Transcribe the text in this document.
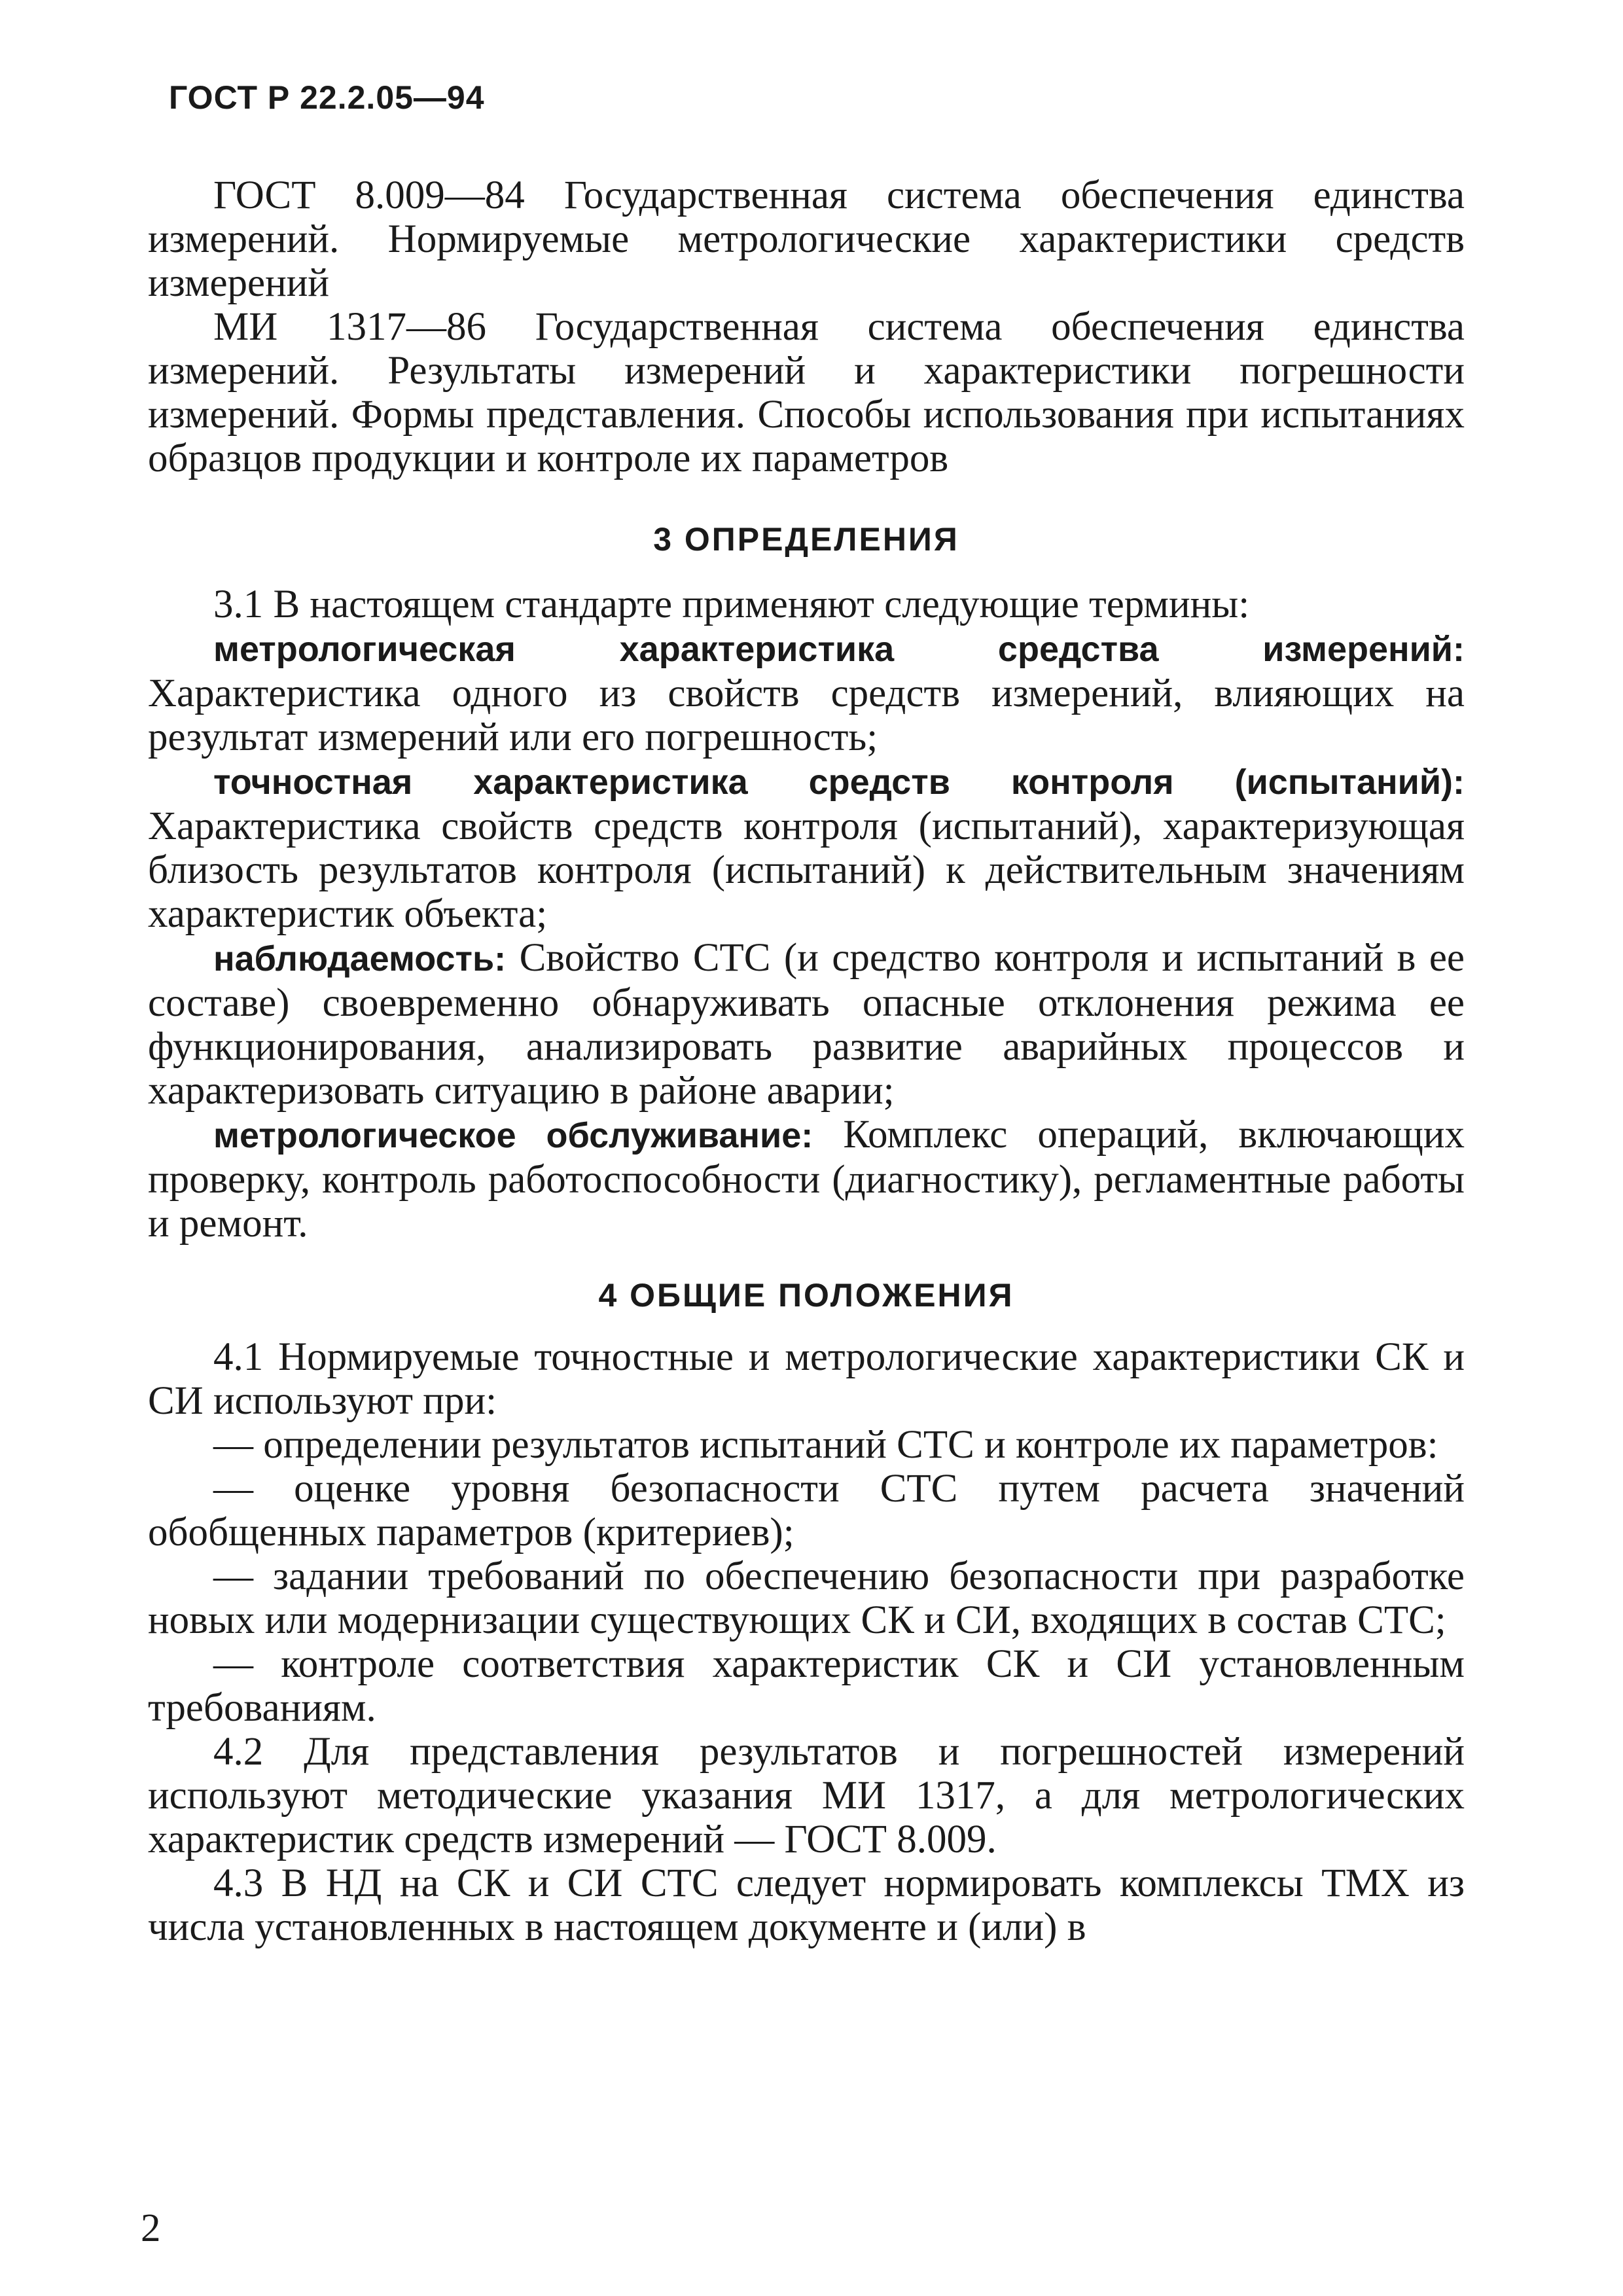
ГОСТ Р 22.2.05—94

ГОСТ 8.009—84 Государственная система обеспечения единства измерений. Нормируемые метрологические характеристики средств измерений

МИ 1317—86 Государственная система обеспечения единства измерений. Результаты измерений и характеристики погрешности измерений. Формы представления. Способы использования при испытаниях образцов продукции и контроле их параметров

3 ОПРЕДЕЛЕНИЯ

3.1 В настоящем стандарте применяют следующие термины:

метрологическая характеристика средства измерений: Характеристика одного из свойств средств измерений, влияющих на результат измерений или его погрешность;

точностная характеристика средств контроля (испытаний): Характеристика свойств средств контроля (испытаний), характеризующая близость результатов контроля (испытаний) к действительным значениям характеристик объекта;

наблюдаемость: Свойство СТС (и средство контроля и испытаний в ее составе) своевременно обнаруживать опасные отклонения режима ее функционирования, анализировать развитие аварийных процессов и характеризовать ситуацию в районе аварии;

метрологическое обслуживание: Комплекс операций, включающих проверку, контроль работоспособности (диагностику), регламентные работы и ремонт.

4 ОБЩИЕ ПОЛОЖЕНИЯ

4.1 Нормируемые точностные и метрологические характеристики СК и СИ используют при:

— определении результатов испытаний СТС и контроле их параметров:

— оценке уровня безопасности СТС путем расчета значений обобщенных параметров (критериев);

— задании требований по обеспечению безопасности при разработке новых или модернизации существующих СК и СИ, входящих в состав СТС;

— контроле соответствия характеристик СК и СИ установленным требованиям.

4.2 Для представления результатов и погрешностей измерений используют методические указания МИ 1317, а для метрологических характеристик средств измерений — ГОСТ 8.009.

4.3 В НД на СК и СИ СТС следует нормировать комплексы ТМХ из числа установленных в настоящем документе и (или) в

2
